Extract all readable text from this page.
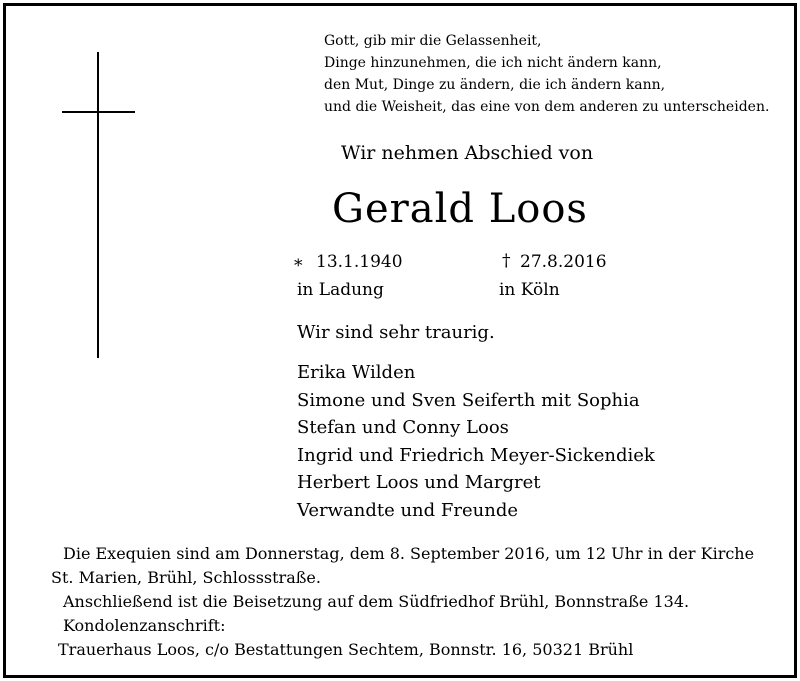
Gott, gib mir die Gelassenheit,
Dinge hinzunehmen, die ich nicht ändern kann,
den Mut, Dinge zu ändern, die ich ändern kann,
und die Weisheit, das eine von dem anderen zu unterscheiden.
Wir nehmen Abschied von
Gerald Loos
* 13.1.1940
in Ladung
† 27.8.2016
in Köln
Wir sind sehr traurig.
Erika Wilden
Simone und Sven Seiferth mit Sophia
Stefan und Conny Loos
Ingrid und Friedrich Meyer-Sickendiek
Herbert Loos und Margret
Verwandte und Freunde
Die Exequien sind am Donnerstag, dem 8. September 2016, um 12 Uhr in der Kirche
St. Marien, Brühl, Schlossstraße.
Anschließend ist die Beisetzung auf dem Südfriedhof Brühl, Bonnstraße 134.
Kondolenzanschrift:
Trauerhaus Loos, c/o Bestattungen Sechtem, Bonnstr. 16, 50321 Brühl
